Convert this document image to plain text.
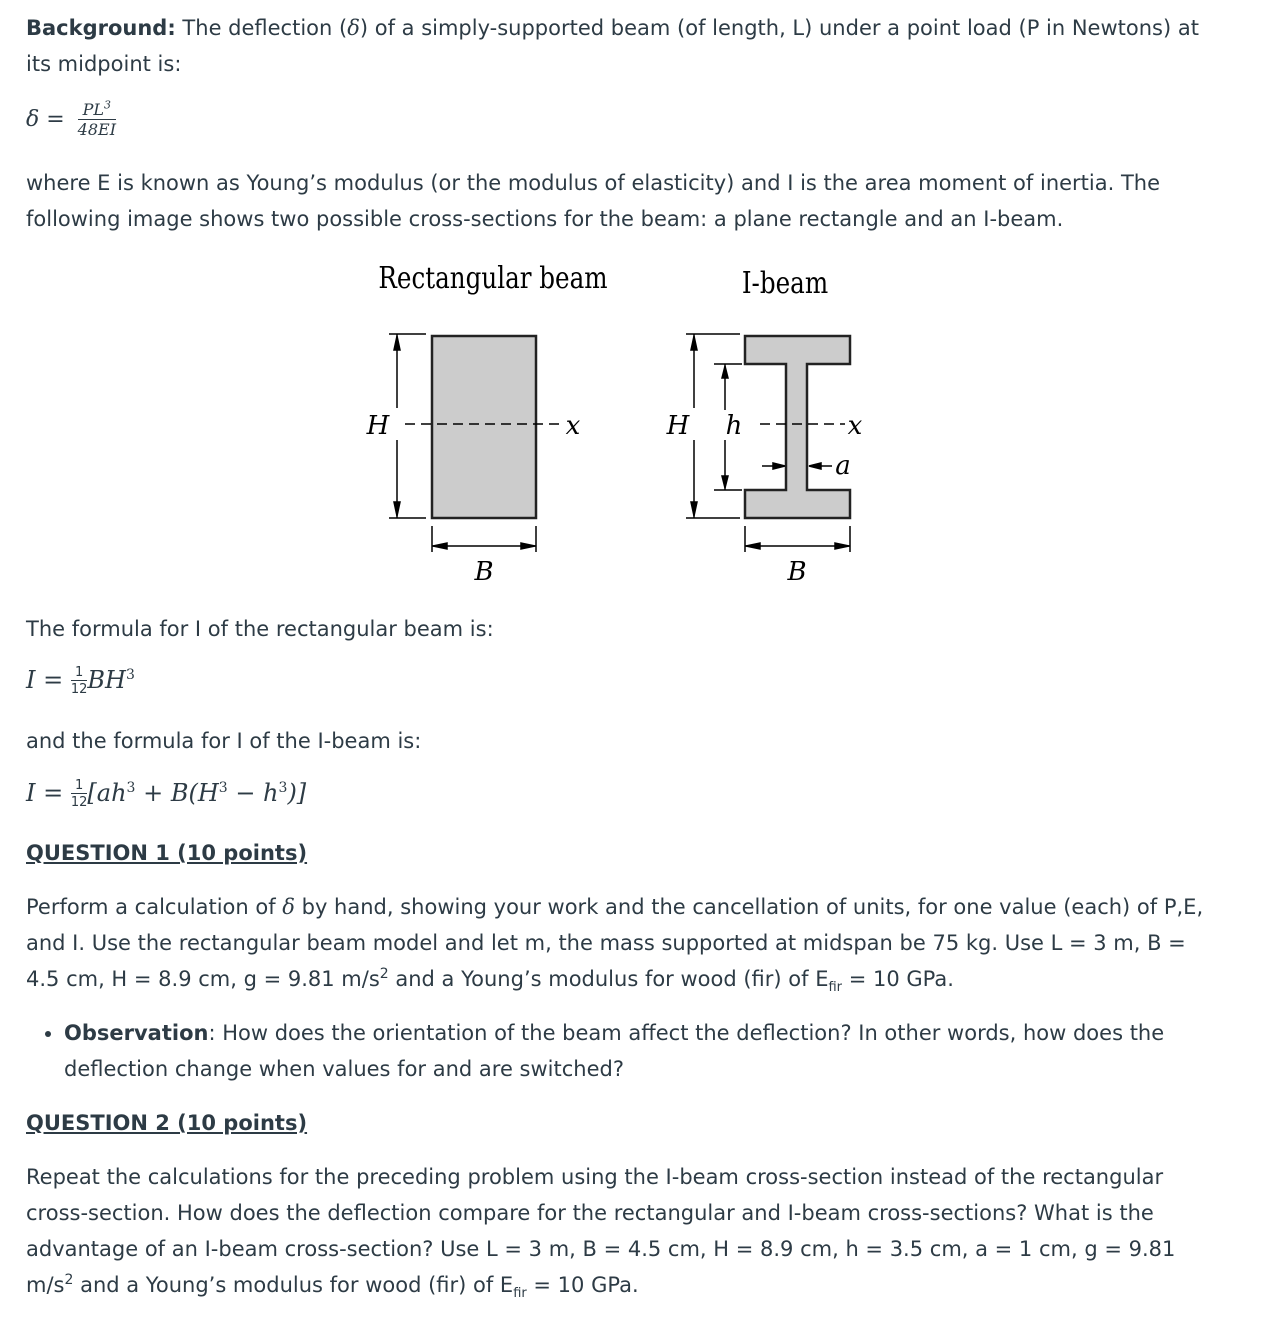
Background: The deflection (δ) of a simply-supported beam (of length, L) under a point load (P in Newtons) at its midpoint is:

$\delta = \frac{PL^3}{48EI}$

where E is known as Young’s modulus (or the modulus of elasticity) and I is the area moment of inertia. The following image shows two possible cross-sections for the beam: a plane rectangle and an I-beam.

Rectangular beam	I-beam
H	x
B
H h	x
a
B

The formula for I of the rectangular beam is:

$I = \frac{1}{12} BH^3$

and the formula for I of the I-beam is:

$I = \frac{1}{12} [ah^3 + B(H^3 - h^3)]$

QUESTION 1 (10 points)

Perform a calculation of δ by hand, showing your work and the cancellation of units, for one value (each) of P,E, and I. Use the rectangular beam model and let m, the mass supported at midspan be 75 kg. Use L = 3 m, B = 4.5 cm, H = 8.9 cm, g = 9.81 $m/s^2$ and a Young’s modulus for wood (fir) of $E_{fir} = 10$ GPa.

• Observation: How does the orientation of the beam affect the deflection? In other words, how does the deflection change when values for and are switched?

QUESTION 2 (10 points)

Repeat the calculations for the preceding problem using the I-beam cross-section instead of the rectangular cross-section. How does the deflection compare for the rectangular and I-beam cross-sections? What is the advantage of an I-beam cross-section? Use L = 3 m, B = 4.5 cm, H = 8.9 cm, h = 3.5 cm, a = 1 cm, g = 9.81 $m/s^2$ and a Young’s modulus for wood (fir) of $E_{fir} = 10$ GPa.
